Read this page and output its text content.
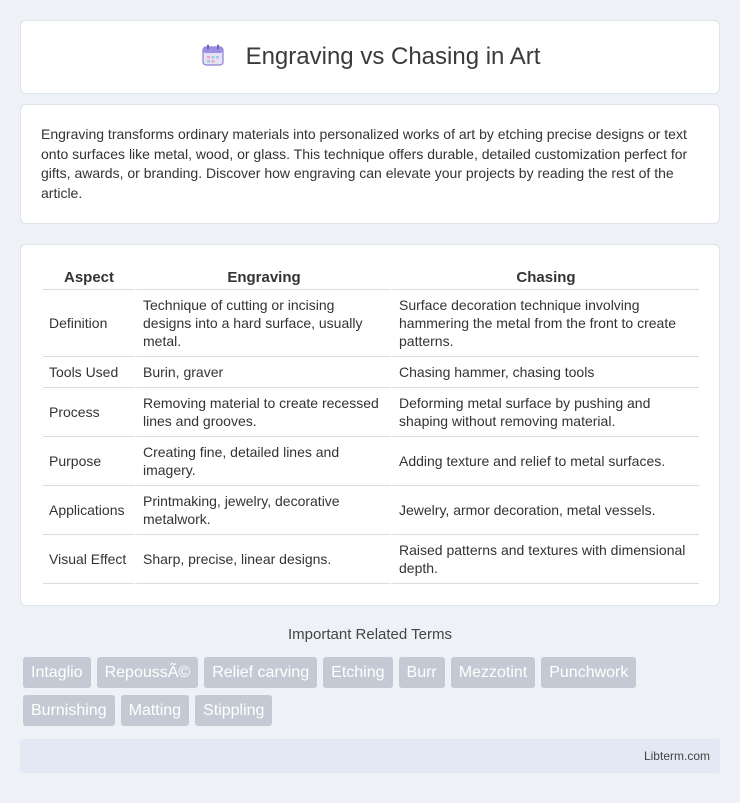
Engraving vs Chasing in Art

Engraving transforms ordinary materials into personalized works of art by etching precise designs or text onto surfaces like metal, wood, or glass. This technique offers durable, detailed customization perfect for gifts, awards, or branding. Discover how engraving can elevate your projects by reading the rest of the article.

Aspect	Engraving	Chasing
Definition	Technique of cutting or incising designs into a hard surface, usually metal.	Surface decoration technique involving hammering the metal from the front to create patterns.
Tools Used	Burin, graver	Chasing hammer, chasing tools
Process	Removing material to create recessed lines and grooves.	Deforming metal surface by pushing and shaping without removing material.
Purpose	Creating fine, detailed lines and imagery.	Adding texture and relief to metal surfaces.
Applications	Printmaking, jewelry, decorative metalwork.	Jewelry, armor decoration, metal vessels.
Visual Effect	Sharp, precise, linear designs.	Raised patterns and textures with dimensional depth.
Important Related Terms
Intaglio	RepoussÃ©	Relief carving	Etching	Burr	Mezzotint	Punchwork
Burnishing	Matting	Stippling
Libterm.com
